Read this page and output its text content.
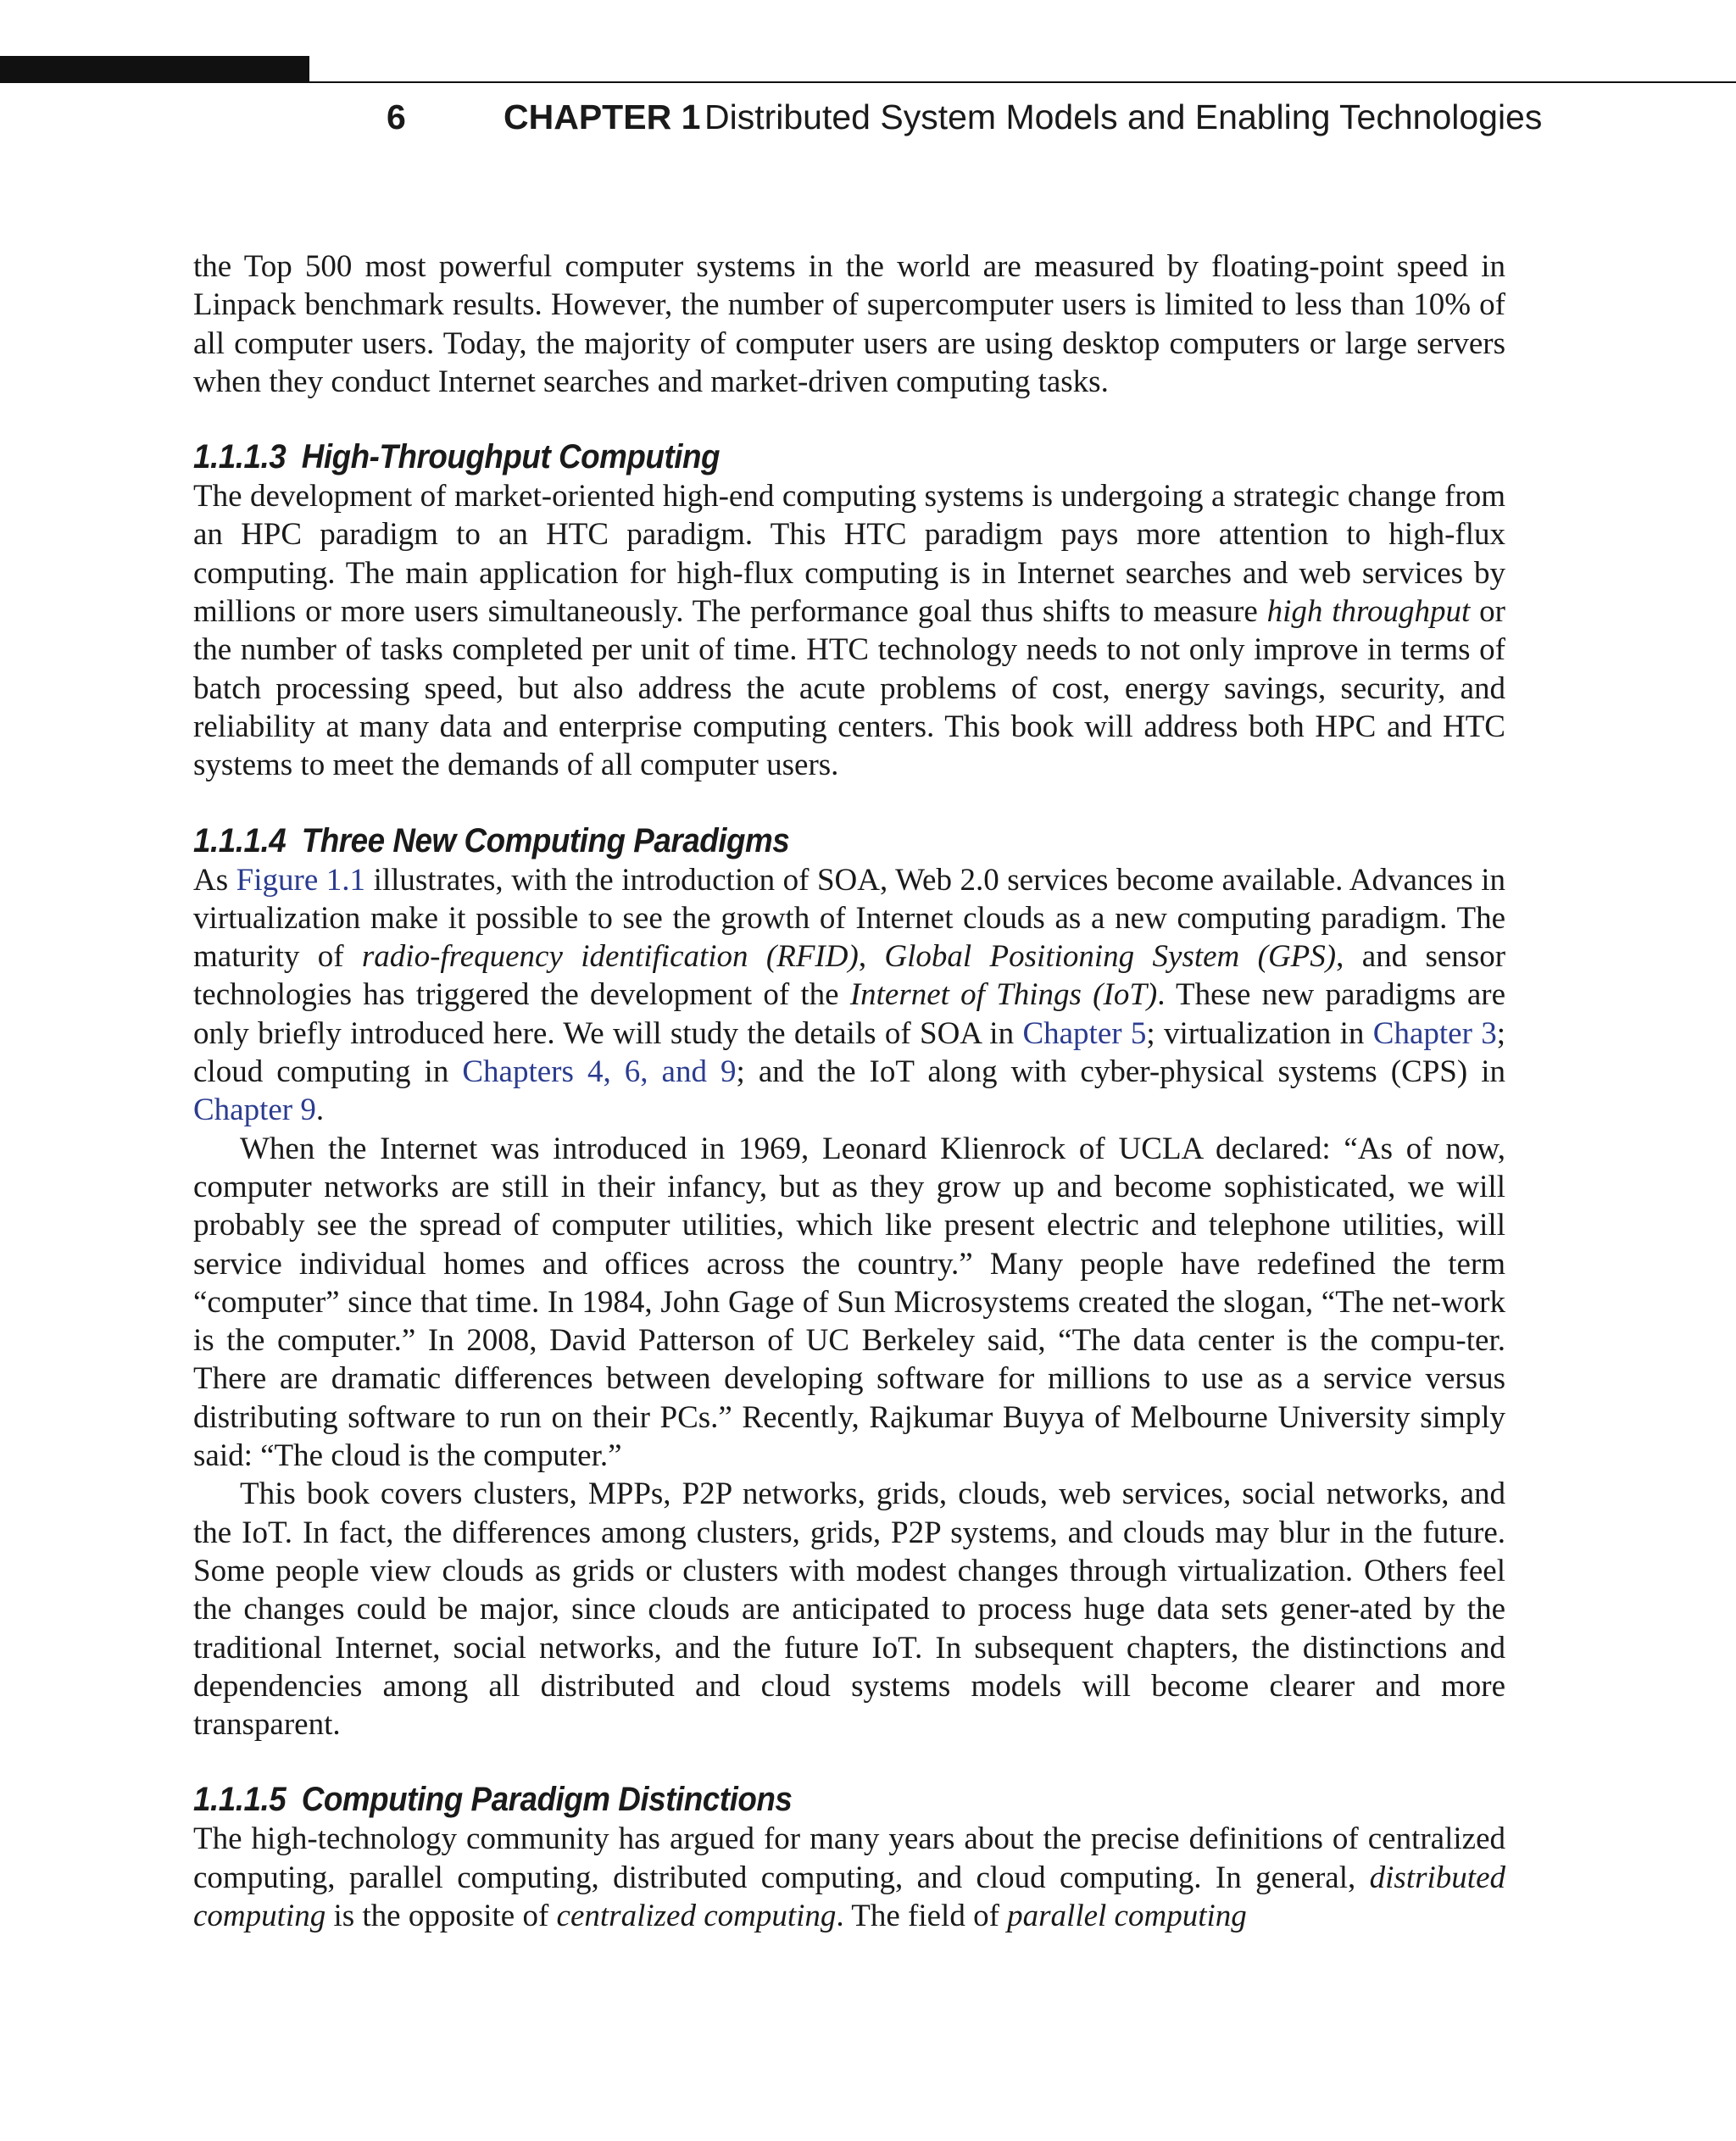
6	CHAPTER 1 Distributed System Models and Enabling Technologies

the Top 500 most powerful computer systems in the world are measured by floating-point speed in Linpack benchmark results. However, the number of supercomputer users is limited to less than 10% of all computer users. Today, the majority of computer users are using desktop computers or large servers when they conduct Internet searches and market-driven computing tasks.

1.1.1.3 High-Throughput Computing

The development of market-oriented high-end computing systems is undergoing a strategic change from an HPC paradigm to an HTC paradigm. This HTC paradigm pays more attention to high-flux computing. The main application for high-flux computing is in Internet searches and web services by millions or more users simultaneously. The performance goal thus shifts to measure high throughput or the number of tasks completed per unit of time. HTC technology needs to not only improve in terms of batch processing speed, but also address the acute problems of cost, energy savings, security, and reliability at many data and enterprise computing centers. This book will address both HPC and HTC systems to meet the demands of all computer users.

1.1.1.4 Three New Computing Paradigms

As Figure 1.1 illustrates, with the introduction of SOA, Web 2.0 services become available. Advances in virtualization make it possible to see the growth of Internet clouds as a new computing paradigm. The maturity of radio-frequency identification (RFID), Global Positioning System (GPS), and sensor technologies has triggered the development of the Internet of Things (IoT). These new paradigms are only briefly introduced here. We will study the details of SOA in Chapter 5; virtualization in Chapter 3; cloud computing in Chapters 4, 6, and 9; and the IoT along with cyber-physical systems (CPS) in Chapter 9.

When the Internet was introduced in 1969, Leonard Klienrock of UCLA declared: “As of now, computer networks are still in their infancy, but as they grow up and become sophisticated, we will probably see the spread of computer utilities, which like present electric and telephone utilities, will service individual homes and offices across the country.” Many people have redefined the term “computer” since that time. In 1984, John Gage of Sun Microsystems created the slogan, “The net-work is the computer.” In 2008, David Patterson of UC Berkeley said, “The data center is the compu-ter. There are dramatic differences between developing software for millions to use as a service versus distributing software to run on their PCs.” Recently, Rajkumar Buyya of Melbourne University simply said: “The cloud is the computer.”

This book covers clusters, MPPs, P2P networks, grids, clouds, web services, social networks, and the IoT. In fact, the differences among clusters, grids, P2P systems, and clouds may blur in the future. Some people view clouds as grids or clusters with modest changes through virtualization. Others feel the changes could be major, since clouds are anticipated to process huge data sets gener-ated by the traditional Internet, social networks, and the future IoT. In subsequent chapters, the distinctions and dependencies among all distributed and cloud systems models will become clearer and more transparent.

1.1.1.5 Computing Paradigm Distinctions

The high-technology community has argued for many years about the precise definitions of centralized computing, parallel computing, distributed computing, and cloud computing. In general, distributed computing is the opposite of centralized computing. The field of parallel computing
